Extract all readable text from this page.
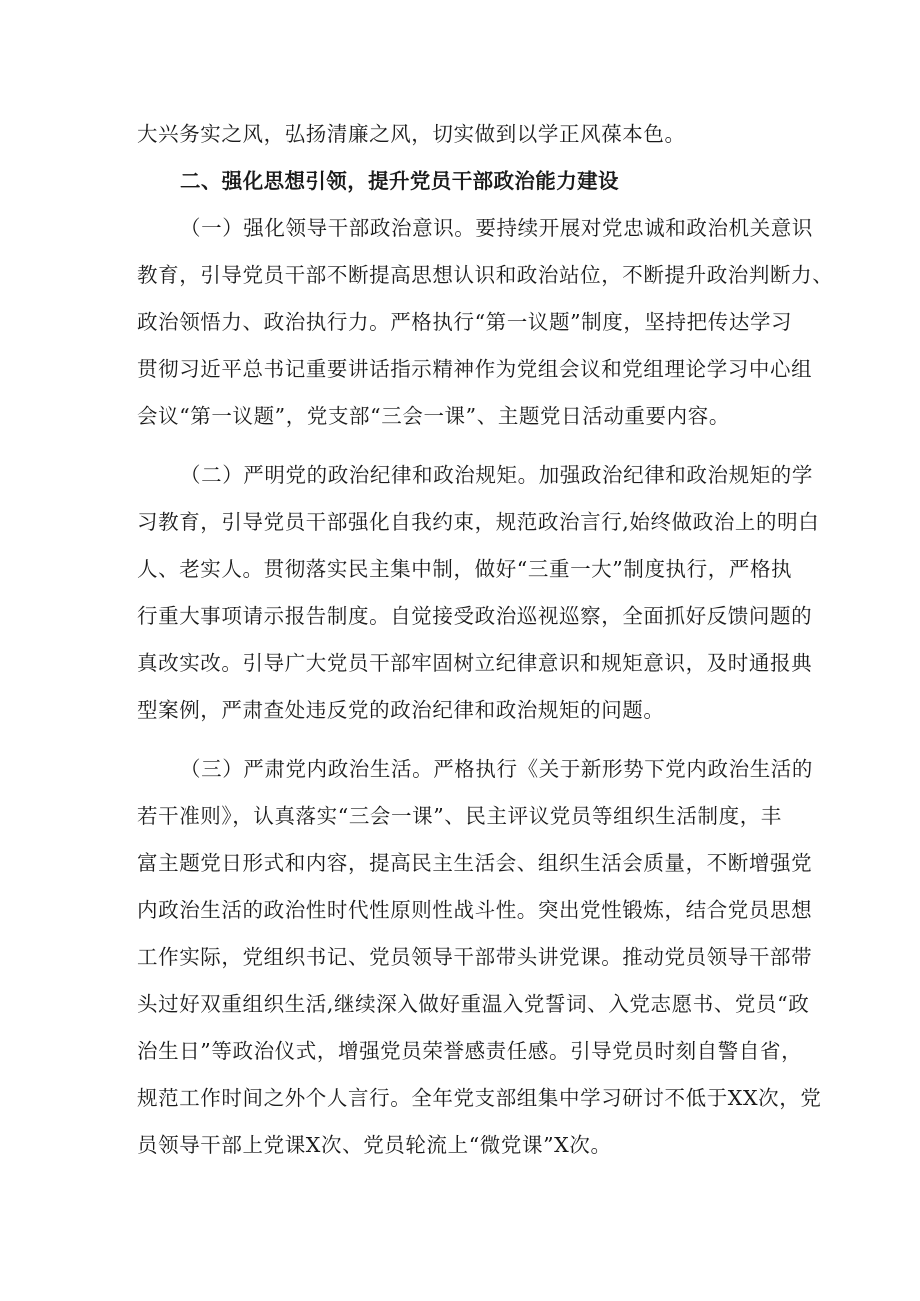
大兴务实之风，弘扬清廉之风，切实做到以学正风葆本色。
二、强化思想引领，提升党员干部政治能力建设
（一）强化领导干部政治意识。要持续开展对党忠诚和政治机关意识
教育，引导党员干部不断提高思想认识和政治站位，不断提升政治判断力、
政治领悟力、政治执行力。严格执行“第一议题”制度，坚持把传达学习
贯彻习近平总书记重要讲话指示精神作为党组会议和党组理论学习中心组
会议“第一议题”，党支部“三会一课”、主题党日活动重要内容。
（二）严明党的政治纪律和政治规矩。加强政治纪律和政治规矩的学
习教育，引导党员干部强化自我约束，规范政治言行,始终做政治上的明白
人、老实人。贯彻落实民主集中制，做好“三重一大”制度执行，严格执
行重大事项请示报告制度。自觉接受政治巡视巡察，全面抓好反馈问题的
真改实改。引导广大党员干部牢固树立纪律意识和规矩意识，及时通报典
型案例，严肃查处违反党的政治纪律和政治规矩的问题。
（三）严肃党内政治生活。严格执行《关于新形势下党内政治生活的
若干准则》，认真落实“三会一课”、民主评议党员等组织生活制度，丰
富主题党日形式和内容，提高民主生活会、组织生活会质量，不断增强党
内政治生活的政治性时代性原则性战斗性。突出党性锻炼，结合党员思想
工作实际，党组织书记、党员领导干部带头讲党课。推动党员领导干部带
头过好双重组织生活,继续深入做好重温入党誓词、入党志愿书、党员“政
治生日”等政治仪式，增强党员荣誉感责任感。引导党员时刻自警自省，
规范工作时间之外个人言行。全年党支部组集中学习研讨不低于XX次，党
员领导干部上党课X次、党员轮流上“微党课”X次。
